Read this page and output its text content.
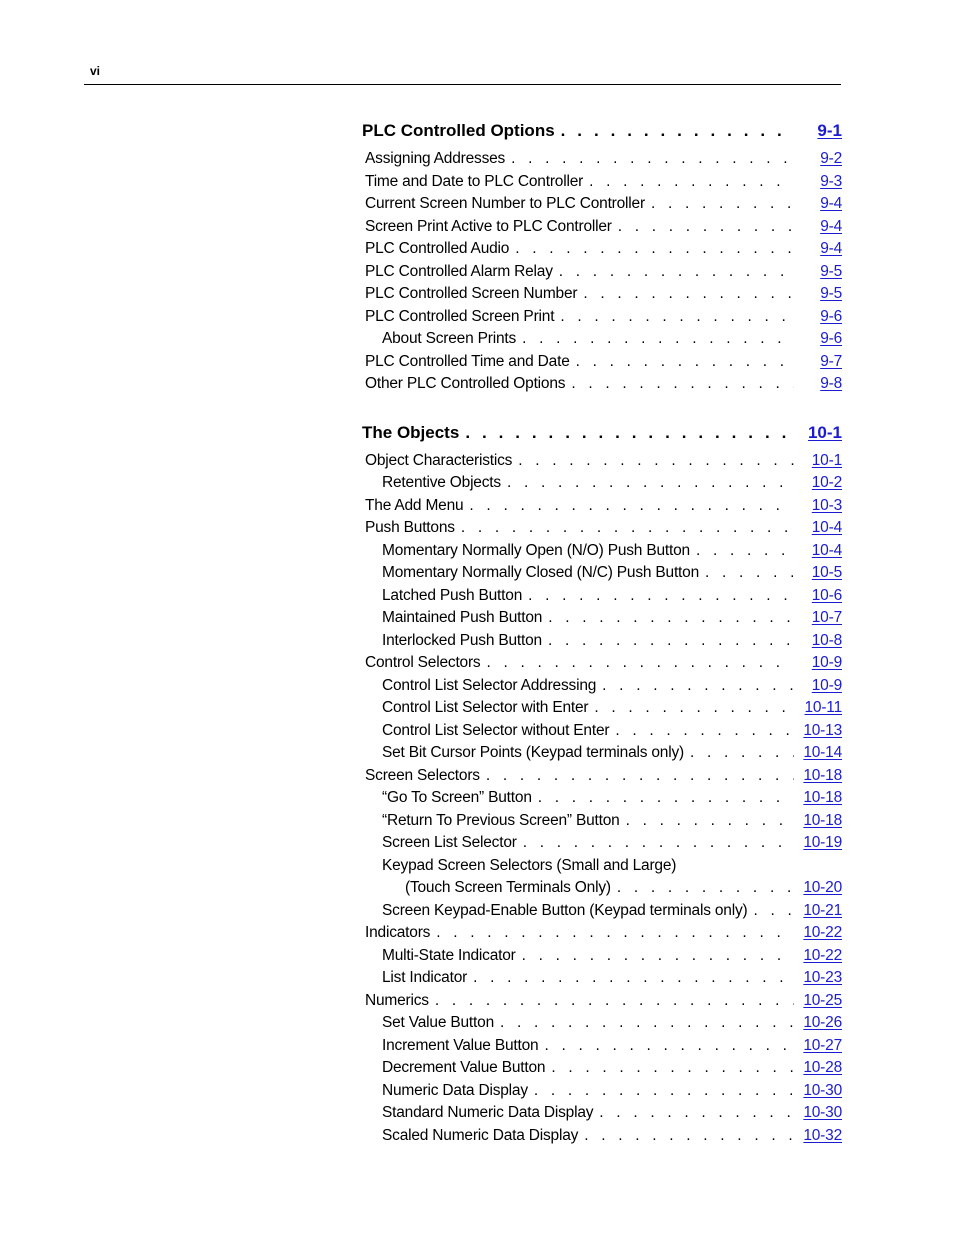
vi
PLC Controlled Options . . .	9-1
Assigning Addresses . . .	9-2
Time and Date to PLC Controller . . .	9-3
Current Screen Number to PLC Controller . . .	9-4
Screen Print Active to PLC Controller . . .	9-4
PLC Controlled Audio . . .	9-4
PLC Controlled Alarm Relay . . .	9-5
PLC Controlled Screen Number . . .	9-5
PLC Controlled Screen Print . . .	9-6
About Screen Prints . . .	9-6
PLC Controlled Time and Date . . .	9-7
Other PLC Controlled Options . . .	9-8
The Objects . . .	10-1
Object Characteristics . . .	10-1
Retentive Objects . . .	10-2
The Add Menu . . .	10-3
Push Buttons . . .	10-4
Momentary Normally Open (N/O) Push Button . . .	10-4
Momentary Normally Closed (N/C) Push Button . . .	10-5
Latched Push Button . . .	10-6
Maintained Push Button . . .	10-7
Interlocked Push Button . . .	10-8
Control Selectors . . .	10-9
Control List Selector Addressing . . .	10-9
Control List Selector with Enter . . .	10-11
Control List Selector without Enter . . .	10-13
Set Bit Cursor Points (Keypad terminals only) . . .	10-14
Screen Selectors . . .	10-18
“Go To Screen” Button . . .	10-18
“Return To Previous Screen” Button . . .	10-18
Screen List Selector . . .	10-19
Keypad Screen Selectors (Small and Large)
(Touch Screen Terminals Only) . . .	10-20
Screen Keypad-Enable Button (Keypad terminals only) . . .	10-21
Indicators . . .	10-22
Multi-State Indicator . . .	10-22
List Indicator . . .	10-23
Numerics . . .	10-25
Set Value Button . . .	10-26
Increment Value Button . . .	10-27
Decrement Value Button . . .	10-28
Numeric Data Display . . .	10-30
Standard Numeric Data Display . . .	10-30
Scaled Numeric Data Display . . .	10-32
